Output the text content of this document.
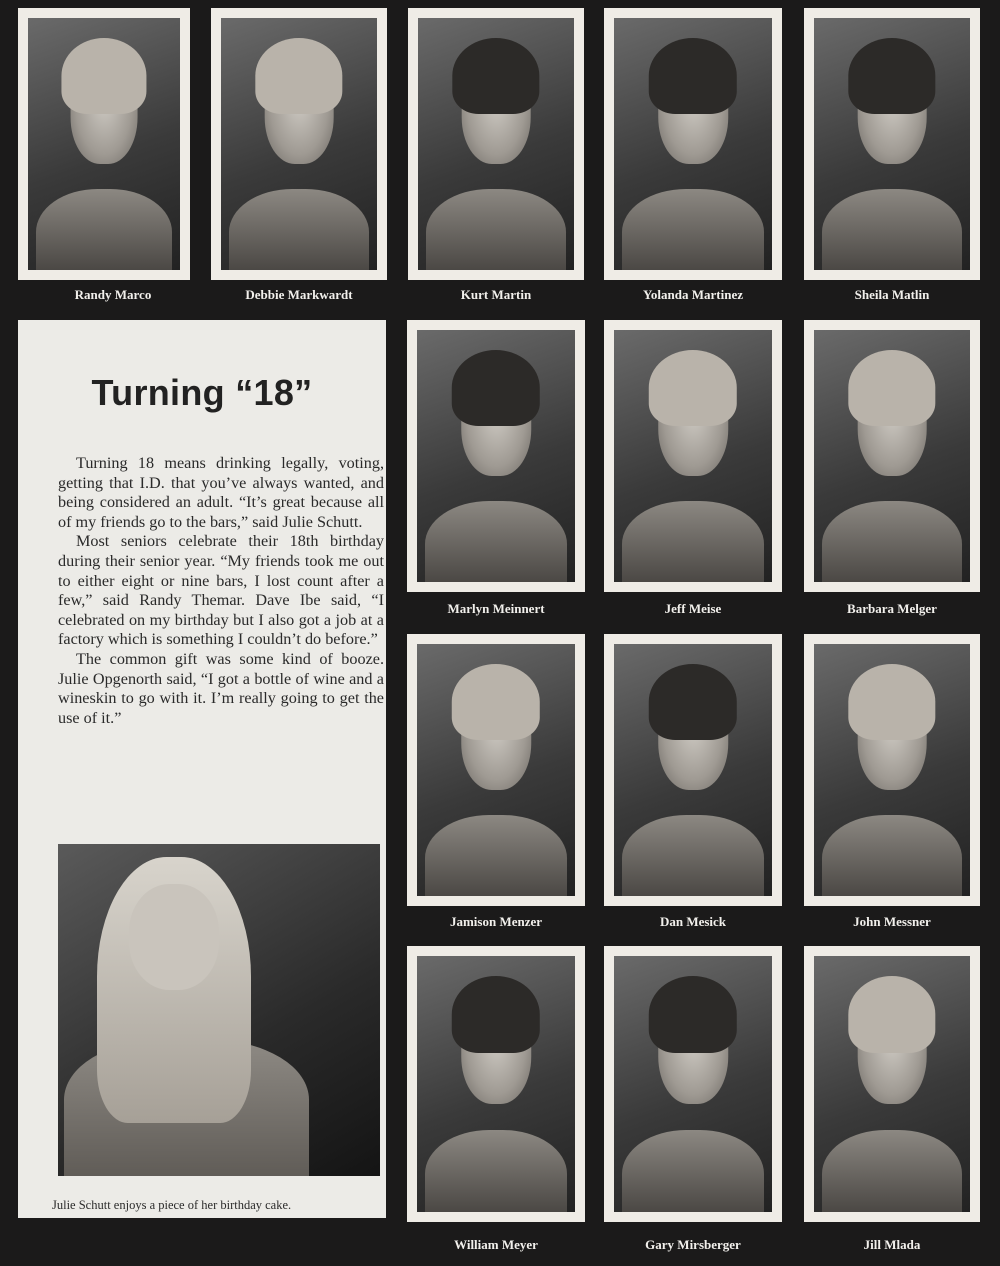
Randy Marco	Debbie Markwardt	Kurt Martin	Yolanda Martinez	Sheila Matlin
Marlyn Meinnert	Jeff Meise	Barbara Melger
Jamison Menzer	Dan Mesick	John Messner
William Meyer	Gary Mirsberger	Jill Mlada
Turning “18”

Turning 18 means drinking legally, voting, getting that I.D. that you’ve always wanted, and being considered an adult. “It’s great because all of my friends go to the bars,” said Julie Schutt.

Most seniors celebrate their 18th birthday during their senior year. “My friends took me out to either eight or nine bars, I lost count after a few,” said Randy Themar. Dave Ibe said, “I celebrated on my birthday but I also got a job at a factory which is something I couldn’t do before.”

The common gift was some kind of booze. Julie Opgenorth said, “I got a bottle of wine and a wineskin to go with it. I’m really going to get the use of it.”

Julie Schutt enjoys a piece of her birthday cake.
